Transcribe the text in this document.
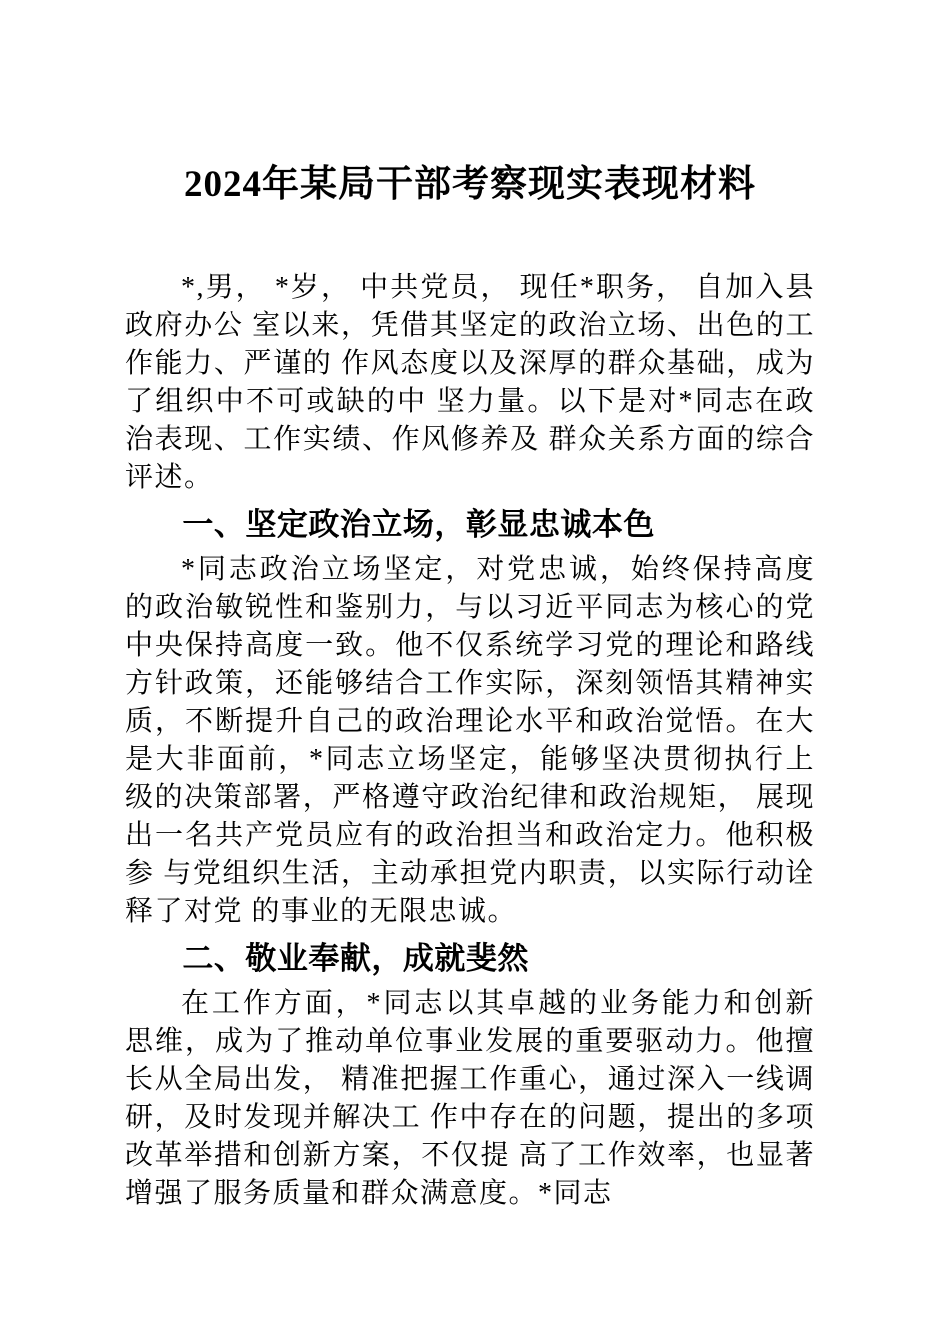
2024年某局干部考察现实表现材料

*,男， *岁， 中共党员， 现任*职务， 自加入县政府办公 室以来，凭借其坚定的政治立场、出色的工作能力、严谨的 作风态度以及深厚的群众基础，成为了组织中不可或缺的中 坚力量。以下是对*同志在政治表现、工作实绩、作风修养及 群众关系方面的综合评述。

一、坚定政治立场，彰显忠诚本色

*同志政治立场坚定，对党忠诚，始终保持高度的政治敏锐性和鉴别力，与以习近平同志为核心的党中央保持高度一致。他不仅系统学习党的理论和路线方针政策，还能够结合工作实际，深刻领悟其精神实质，不断提升自己的政治理论水平和政治觉悟。在大是大非面前，*同志立场坚定，能够坚决贯彻执行上级的决策部署，严格遵守政治纪律和政治规矩， 展现出一名共产党员应有的政治担当和政治定力。他积极参 与党组织生活，主动承担党内职责，以实际行动诠释了对党 的事业的无限忠诚。

二、敬业奉献，成就斐然

在工作方面，*同志以其卓越的业务能力和创新思维，成为了推动单位事业发展的重要驱动力。他擅长从全局出发， 精准把握工作重心，通过深入一线调研，及时发现并解决工 作中存在的问题，提出的多项改革举措和创新方案，不仅提 高了工作效率，也显著增强了服务质量和群众满意度。*同志
